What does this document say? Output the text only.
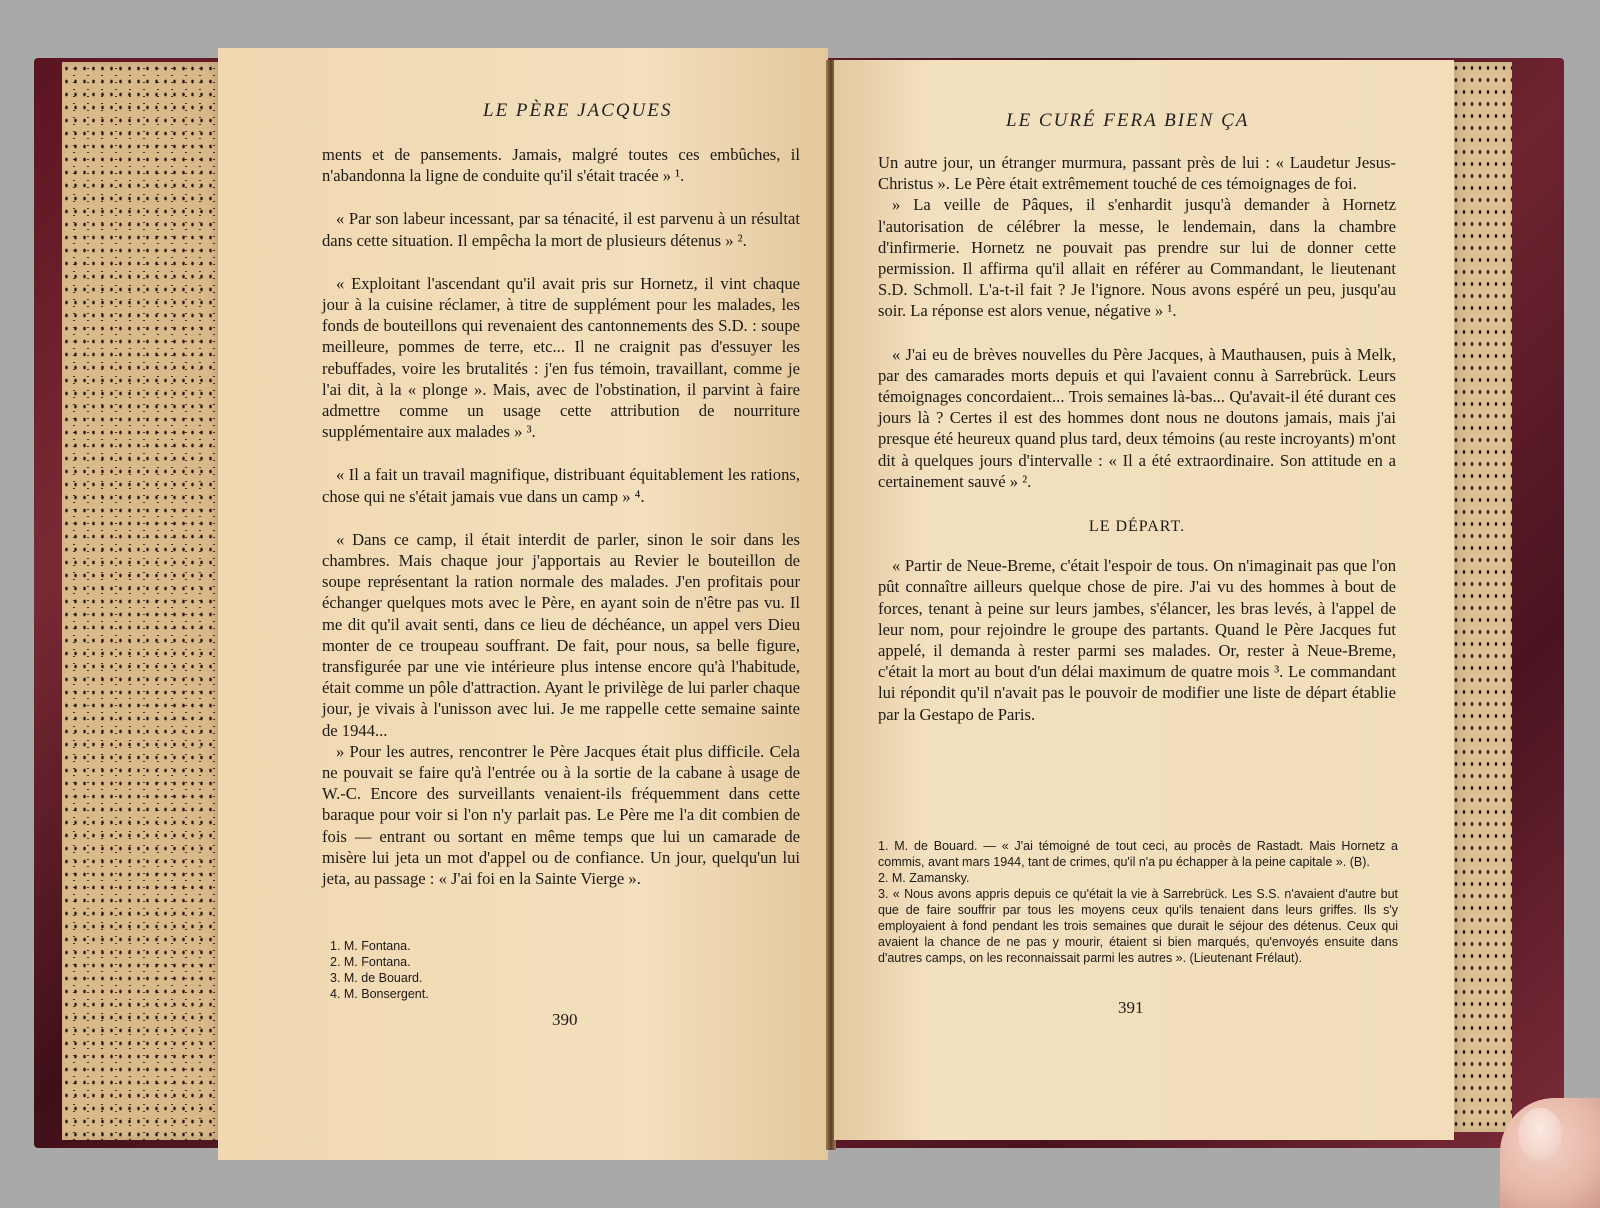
LE PÈRE JACQUES

ments et de pansements. Jamais, malgré toutes ces embûches, il n'abandonna la ligne de conduite qu'il s'était tracée » ¹.

« Par son labeur incessant, par sa ténacité, il est parvenu à un résultat dans cette situation. Il empêcha la mort de plusieurs détenus » ².

« Exploitant l'ascendant qu'il avait pris sur Hornetz, il vint chaque jour à la cuisine réclamer, à titre de supplément pour les malades, les fonds de bouteillons qui revenaient des cantonnements des S.D. : soupe meilleure, pommes de terre, etc... Il ne craignit pas d'essuyer les rebuffades, voire les brutalités : j'en fus témoin, travaillant, comme je l'ai dit, à la « plonge ». Mais, avec de l'obstination, il parvint à faire admettre comme un usage cette attribution de nourriture supplémentaire aux malades » ³.

« Il a fait un travail magnifique, distribuant équitablement les rations, chose qui ne s'était jamais vue dans un camp » ⁴.

« Dans ce camp, il était interdit de parler, sinon le soir dans les chambres. Mais chaque jour j'apportais au Revier le bouteillon de soupe représentant la ration normale des malades. J'en profitais pour échanger quelques mots avec le Père, en ayant soin de n'être pas vu. Il me dit qu'il avait senti, dans ce lieu de déchéance, un appel vers Dieu monter de ce troupeau souffrant. De fait, pour nous, sa belle figure, transfigurée par une vie intérieure plus intense encore qu'à l'habitude, était comme un pôle d'attraction. Ayant le privilège de lui parler chaque jour, je vivais à l'unisson avec lui. Je me rappelle cette semaine sainte de 1944...

» Pour les autres, rencontrer le Père Jacques était plus difficile. Cela ne pouvait se faire qu'à l'entrée ou à la sortie de la cabane à usage de W.-C. Encore des surveillants venaient-ils fréquemment dans cette baraque pour voir si l'on n'y parlait pas. Le Père me l'a dit combien de fois — entrant ou sortant en même temps que lui un camarade de misère lui jeta un mot d'appel ou de confiance. Un jour, quelqu'un lui jeta, au passage : « J'ai foi en la Sainte Vierge ».

1. M. Fontana.
2. M. Fontana.
3. M. de Bouard.
4. M. Bonsergent.
390
LE CURÉ FERA BIEN ÇA

Un autre jour, un étranger murmura, passant près de lui : « Laudetur Jesus-Christus ». Le Père était extrêmement touché de ces témoignages de foi.

» La veille de Pâques, il s'enhardit jusqu'à demander à Hornetz l'autorisation de célébrer la messe, le lendemain, dans la chambre d'infirmerie. Hornetz ne pouvait pas prendre sur lui de donner cette permission. Il affirma qu'il allait en référer au Commandant, le lieutenant S.D. Schmoll. L'a-t-il fait ? Je l'ignore. Nous avons espéré un peu, jusqu'au soir. La réponse est alors venue, négative » ¹.

« J'ai eu de brèves nouvelles du Père Jacques, à Mauthausen, puis à Melk, par des camarades morts depuis et qui l'avaient connu à Sarrebrück. Leurs témoignages concordaient... Trois semaines là-bas... Qu'avait-il été durant ces jours là ? Certes il est des hommes dont nous ne doutons jamais, mais j'ai presque été heureux quand plus tard, deux témoins (au reste incroyants) m'ont dit à quelques jours d'intervalle : « Il a été extraordinaire. Son attitude en a certainement sauvé » ².

LE DÉPART.

« Partir de Neue-Breme, c'était l'espoir de tous. On n'imaginait pas que l'on pût connaître ailleurs quelque chose de pire. J'ai vu des hommes à bout de forces, tenant à peine sur leurs jambes, s'élancer, les bras levés, à l'appel de leur nom, pour rejoindre le groupe des partants. Quand le Père Jacques fut appelé, il demanda à rester parmi ses malades. Or, rester à Neue-Breme, c'était la mort au bout d'un délai maximum de quatre mois ³. Le commandant lui répondit qu'il n'avait pas le pouvoir de modifier une liste de départ établie par la Gestapo de Paris.

1. M. de Bouard. — « J'ai témoigné de tout ceci, au procès de Rastadt. Mais Hornetz a commis, avant mars 1944, tant de crimes, qu'il n'a pu échapper à la peine capitale ». (B).
2. M. Zamansky.
3. « Nous avons appris depuis ce qu'était la vie à Sarrebrück. Les S.S. n'avaient d'autre but que de faire souffrir par tous les moyens ceux qu'ils tenaient dans leurs griffes. Ils s'y employaient à fond pendant les trois semaines que durait le séjour des détenus. Ceux qui avaient la chance de ne pas y mourir, étaient si bien marqués, qu'envoyés ensuite dans d'autres camps, on les reconnaissait parmi les autres ». (Lieutenant Frélaut).
391
